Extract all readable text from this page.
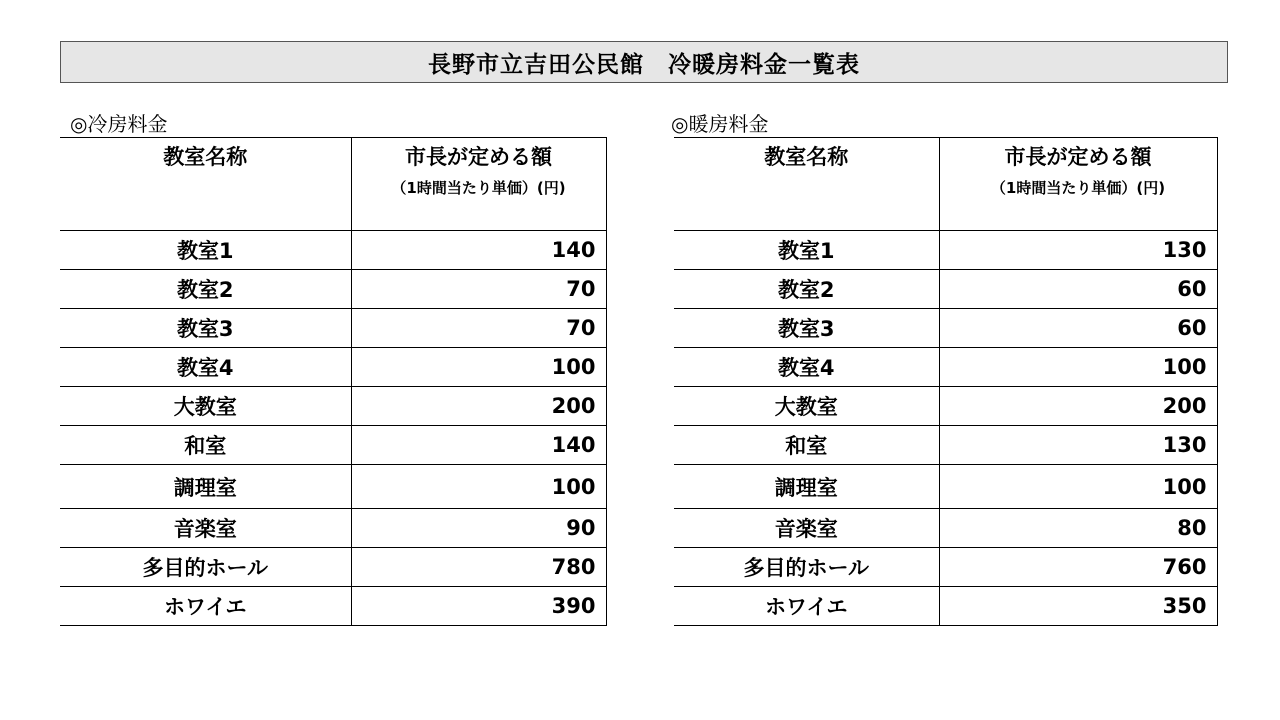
長野市立吉田公民館　冷暖房料金一覧表
◎冷房料金	◎暖房料金
教室名称	市長が定める額
（1時間当たり単価）(円)

教室1	140
教室2	70
教室3	70
教室4	100
大教室	200
和室	140
調理室	100
音楽室	90
多目的ホール	780
ホワイエ	390
教室名称	市長が定める額
（1時間当たり単価）(円)

教室1	130
教室2	60
教室3	60
教室4	100
大教室	200
和室	130
調理室	100
音楽室	80
多目的ホール	760
ホワイエ	350
